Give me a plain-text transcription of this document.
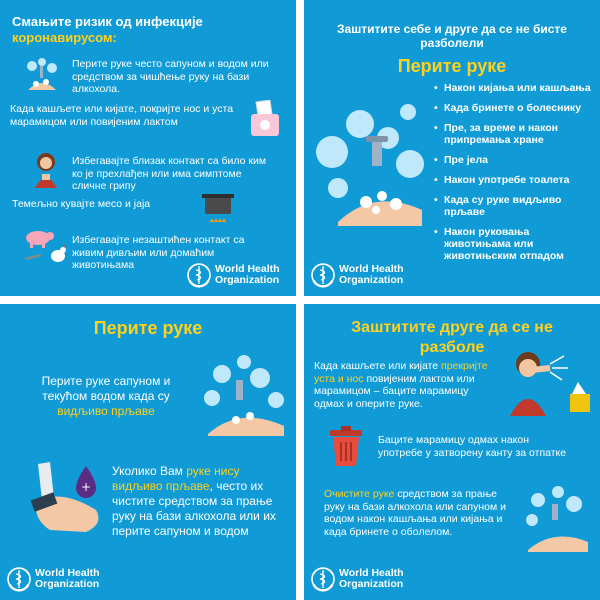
Смањите ризик од инфекције
коронавирусом:
Перите руке често сапуном и водом или средством за чишћење руку на бази алкохола.
Када кашљете или кијате, покријте нос и уста марамицом или повијеним лактом
Избегавајте близак контакт са било ким ко је прехлађен или има симптоме сличне грипу
Темељно кувајте месо и јаја
Избегавајте незаштићен контакт са живим дивљим или домаћим животињама	World Health
Organization
Заштитите себе и друге да се не бисте разболели
Перите руке
• Након кијања или кашљања
• Када бринете о болеснику
• Пре, за време и након припремања хране
• Пре јела
• Након употребе тоалета
• Када су руке видљиво прљаве
• Након руковања животињама или животињским отпадом
World Health
Organization
Перите руке
Перите руке сапуном и текућом водом када су видљиво прљаве
+
Уколико Вам руке нису видљиво прљаве, често их чистите средством за прање руку на бази алкохола или их перите сапуном и водом
World Health
Organization
Заштитите друге да се не
разболе
Када кашљете или кијате прекријте уста и нос повијеним лактом или марамицом – баците марамицу одмах и оперите руке.
Баците марамицу одмах након употребе у затворену канту за отпатке
Очистите руке средством за прање руку на бази алкохола или сапуном и водом након кашљања или кијања и када бринете о обoлелом.
World Health
Organization
